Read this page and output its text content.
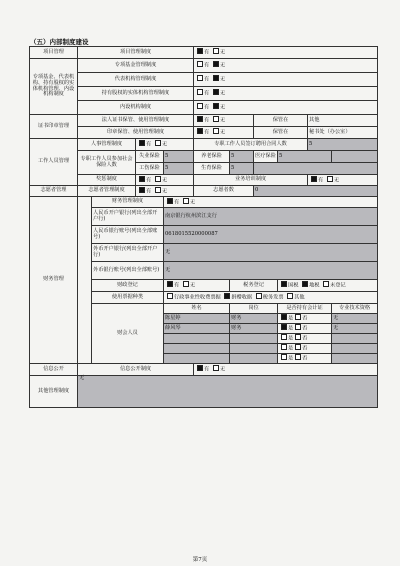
（五）内部制度建设
项目管理	项目管理制度				有 无					
专项基金、代表机构、持有股权的实体机构管理、内设机构制度	专项基金管理制度				有 无					
	代表机构管理制度				有 无					
	持有股权的实体机构管理制度				有 无					
	内设机构制度				有 无					
证书印章管理	法人证书保管、使用管理制度				有 无		保管在		其他	
	印章保管、使用管理制度				有 无		保管在		秘书处（办公室）	
工作人员管理	人事管理制度		有 无		专职工作人员签订聘用合同人数				5	
	专职工作人员参加社会保险人数		失业保险	5	养老保险	5	医疗保险	5		
			工伤保险	5	生育保险	5				
	奖惩制度		有 无		业务培训制度				有 无	
志愿者管理	志愿者管理制度		有 无		志愿者数		0			
财务管理		财务管理制度		有 无						
		人民币开户银行(列出全部开户行)		南京银行杭州滨江支行						
		人民币银行账号(列出全部账号)		0618015520000087						
		外币开户银行(列出全部开户行)		无						
		外币银行账号(列出全部账号)		无						
		财政登记		有 无		税务登记		国税 地税 未登记		
		使用票据种类		行政事业性收费票据 捐赠收据 税务发票 其他						
		财会人员		姓名		岗位		是否持有会计证		专业技术资格
				陈星婷		财务		是 否		无
				薛风琴		财务		是 否		无
								是 否		
								是 否		
								是 否		
信息公开	信息公开制度				有 无					
其他管理制度	无									
第7页
